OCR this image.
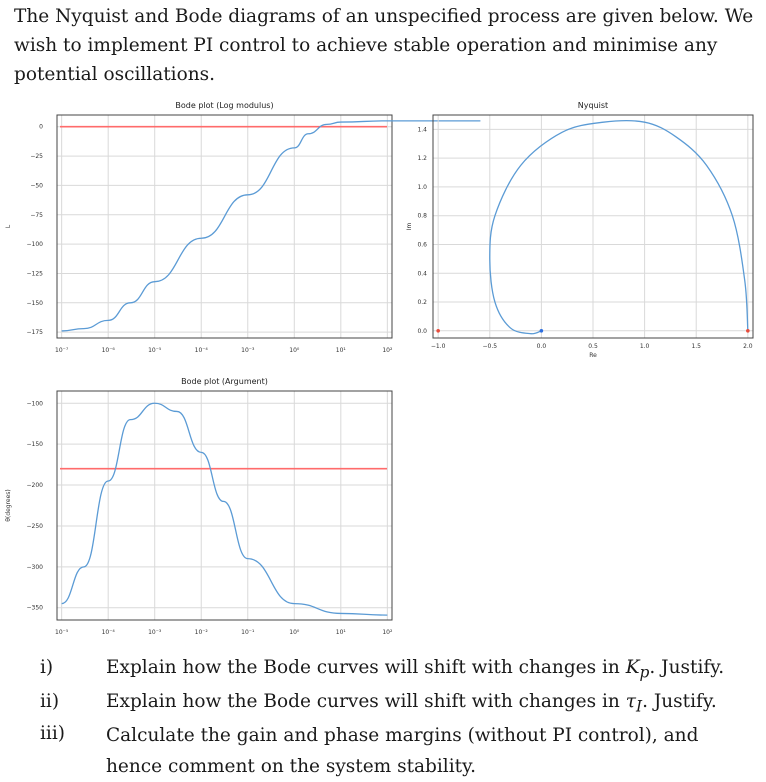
The Nyquist and Bode diagrams of an unspecified process are given below. We wish to implement PI control to achieve stable operation and minimise any potential oscillations.
Bode plot (Log modulus)
10⁻⁷	10⁻⁶	10⁻⁵	10⁻⁴	10⁻³	10⁰	10¹	10²
0
−25
−50
−75
−100
−125
−150
−175
L
Nyquist
−1.0	−0.5	0.0	0.5	1.0	1.5	2.0
0.0
0.2
0.4
0.6
0.8
1.0
1.2
1.4
Re
Im
Bode plot (Argument)
10⁻⁵	10⁻⁴	10⁻³	10⁻²	10⁻¹	10⁰	10¹	10²
−100
−150
−200
−250
−300
−350
θ(degrees)
i)	Explain how the Bode curves will shift with changes in $K_p$. Justify.
ii)	Explain how the Bode curves will shift with changes in $\tau_I$. Justify.
iii) Calculate the gain and phase margins (without PI control), and hence comment on the system stability.
